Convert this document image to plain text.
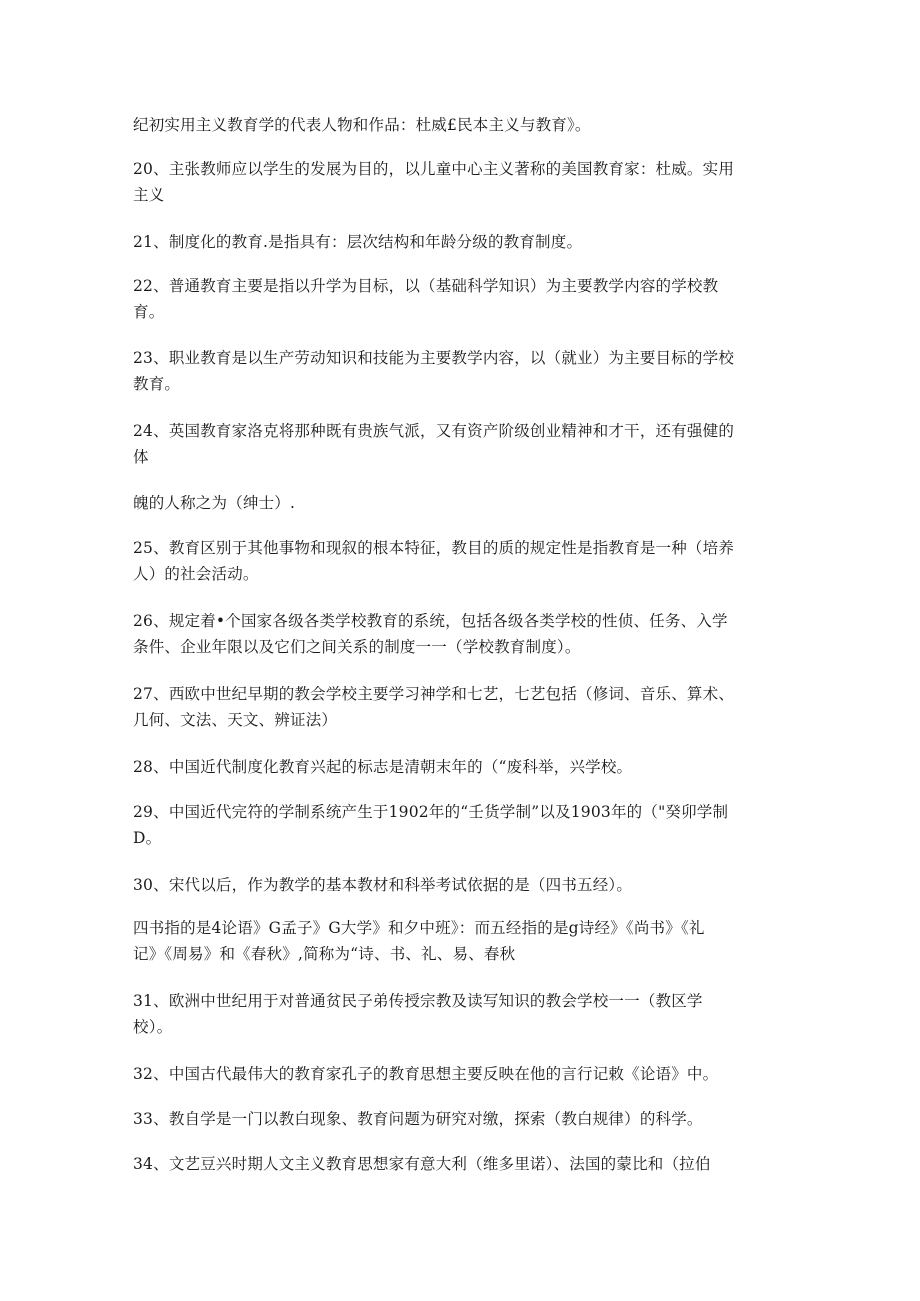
纪初实用主义教育学的代表人物和作品：杜威£民本主义与教育》。

20、主张教师应以学生的发展为目的，以儿童中心主义著称的美国教育家：杜威。实用
主义

21、制度化的教育.是指具有：层次结构和年龄分级的教育制度。

22、普通教育主要是指以升学为目标，以（基础科学知识）为主要教学内容的学校教
育。

23、职业教育是以生产劳动知识和技能为主要教学内容，以（就业）为主要目标的学校
教育。

24、英国教育家洛克将那种既有贵族气派，又有资产阶级创业精神和才干，还有强健的
体

魄的人称之为（绅士）.

25、教育区别于其他事物和现叙的根本特征，教目的质的规定性是指教育是一种（培养
人）的社会活动。

26、规定着•个国家各级各类学校教育的系统，包括各级各类学校的性侦、任务、入学
条件、企业年限以及它们之间关系的制度一一（学校教育制度）。

27、西欧中世纪早期的教会学校主要学习神学和七艺，七艺包括（修词、音乐、算术、
几何、文法、天文、辨证法）

28、中国近代制度化教育兴起的标志是清朝末年的（“废科举，兴学校。

29、中国近代完符的学制系统产生于1902年的“壬货学制”以及1903年的（"癸卯学制
D。

30、宋代以后，作为教学的基本教材和科举考试依据的是（四书五经）。

四书指的是4论语》G孟子》G大学》和夕中班》：而五经指的是g诗经》《尚书》《礼
记》《周易》和《春秋》,简称为“诗、书、礼、易、春秋

31、欧洲中世纪用于对普通贫民子弟传授宗教及读写知识的教会学校一一（教区学
校）。

32、中国古代最伟大的教育家孔子的教育思想主要反映在他的言行记敕《论语》中。

33、教自学是一门以教白现象、教育问题为研究对缴，探索（教白规律）的科学。

34、文艺豆兴时期人文主义教育思想家有意大利（维多里诺）、法国的蒙比和（拉伯
